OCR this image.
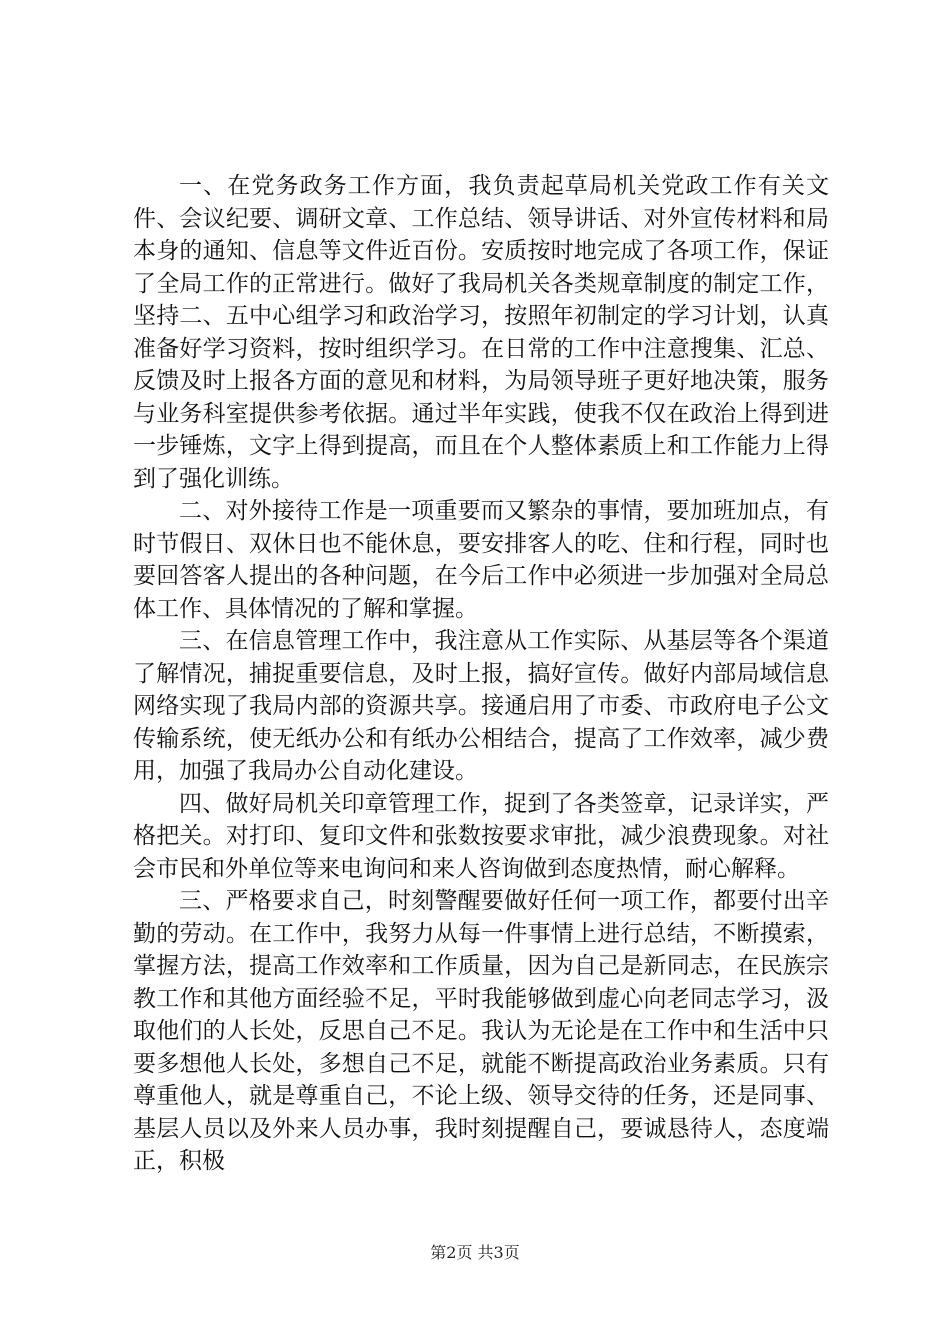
一、在党务政务工作方面，我负责起草局机关党政工作有关文件、会议纪要、调研文章、工作总结、领导讲话、对外宣传材料和局本身的通知、信息等文件近百份。安质按时地完成了各项工作，保证了全局工作的正常进行。做好了我局机关各类规章制度的制定工作，坚持二、五中心组学习和政治学习，按照年初制定的学习计划，认真准备好学习资料，按时组织学习。在日常的工作中注意搜集、汇总、反馈及时上报各方面的意见和材料，为局领导班子更好地决策，服务与业务科室提供参考依据。通过半年实践，使我不仅在政治上得到进一步锤炼，文字上得到提高，而且在个人整体素质上和工作能力上得到了强化训练。

二、对外接待工作是一项重要而又繁杂的事情，要加班加点，有时节假日、双休日也不能休息，要安排客人的吃、住和行程，同时也要回答客人提出的各种问题，在今后工作中必须进一步加强对全局总体工作、具体情况的了解和掌握。

三、在信息管理工作中，我注意从工作实际、从基层等各个渠道了解情况，捕捉重要信息，及时上报，搞好宣传。做好内部局域信息网络实现了我局内部的资源共享。接通启用了市委、市政府电子公文传输系统，使无纸办公和有纸办公相结合，提高了工作效率，减少费用，加强了我局办公自动化建设。

四、做好局机关印章管理工作，捉到了各类签章，记录详实，严格把关。对打印、复印文件和张数按要求审批，减少浪费现象。对社会市民和外单位等来电询问和来人咨询做到态度热情，耐心解释。

三、严格要求自己，时刻警醒要做好任何一项工作，都要付出辛勤的劳动。在工作中，我努力从每一件事情上进行总结，不断摸索，掌握方法，提高工作效率和工作质量，因为自己是新同志，在民族宗教工作和其他方面经验不足，平时我能够做到虚心向老同志学习，汲取他们的人长处，反思自己不足。我认为无论是在工作中和生活中只要多想他人长处，多想自己不足，就能不断提高政治业务素质。只有尊重他人，就是尊重自己，不论上级、领导交待的任务，还是同事、基层人员以及外来人员办事，我时刻提醒自己，要诚恳待人，态度端正，积极

第2页 共3页
